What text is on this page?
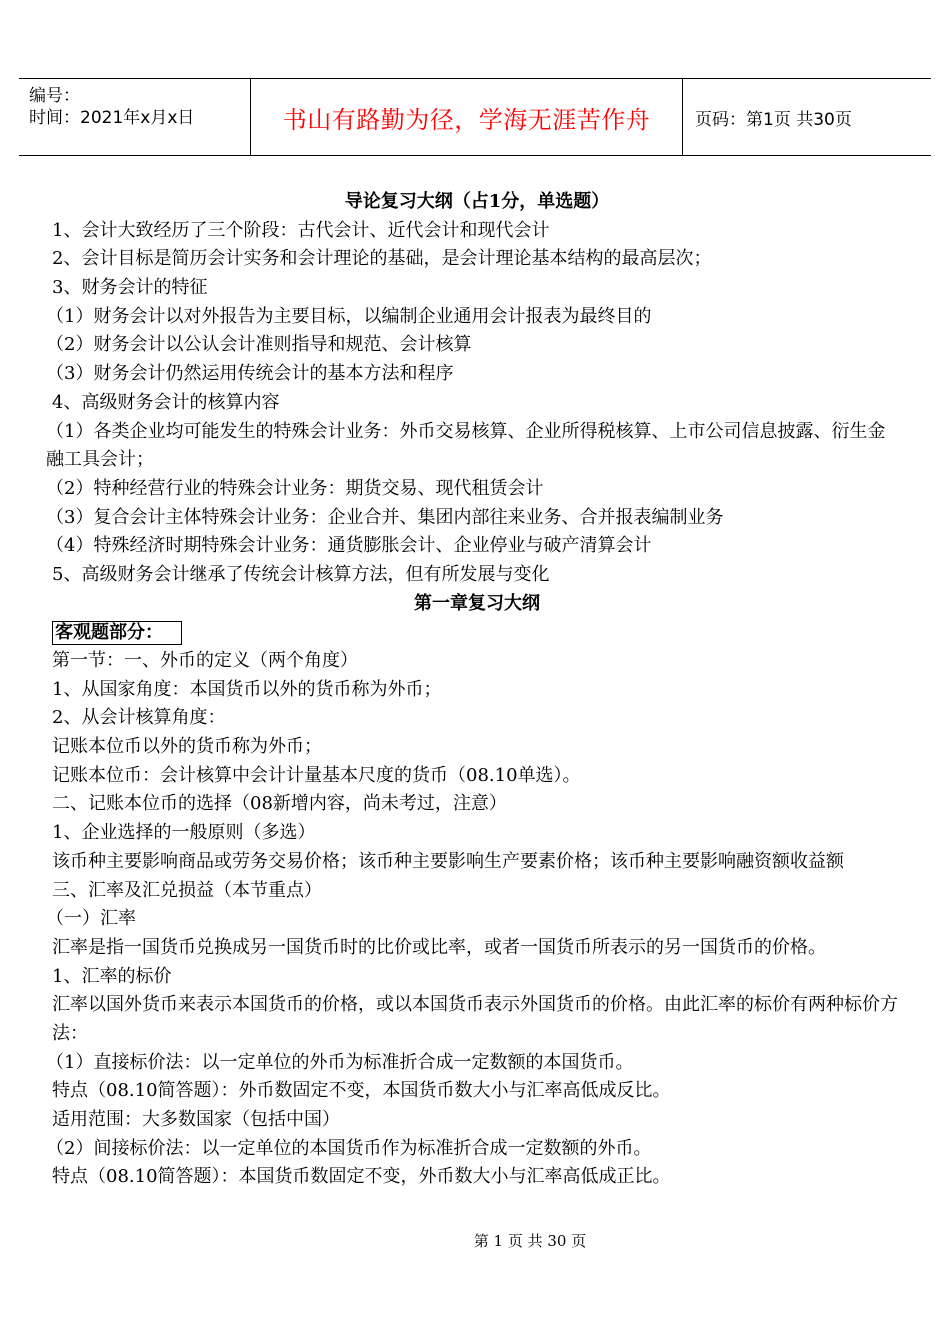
编号：
时间：2021年x月x日	书山有路勤为径，学海无涯苦作舟	页码：第1页 共30页
导论复习大纲（占1分，单选题）
1、会计大致经历了三个阶段：古代会计、近代会计和现代会计
2、会计目标是简历会计实务和会计理论的基础，是会计理论基本结构的最高层次；
3、财务会计的特征
（1）财务会计以对外报告为主要目标，以编制企业通用会计报表为最终目的
（2）财务会计以公认会计准则指导和规范、会计核算
（3）财务会计仍然运用传统会计的基本方法和程序
4、高级财务会计的核算内容
（1）各类企业均可能发生的特殊会计业务：外币交易核算、企业所得税核算、上市公司信息披露、衍生金融工具会计；
（2）特种经营行业的特殊会计业务：期货交易、现代租赁会计
（3）复合会计主体特殊会计业务：企业合并、集团内部往来业务、合并报表编制业务
（4）特殊经济时期特殊会计业务：通货膨胀会计、企业停业与破产清算会计
5、高级财务会计继承了传统会计核算方法，但有所发展与变化
第一章复习大纲
客观题部分：
第一节：一、外币的定义（两个角度）
1、从国家角度：本国货币以外的货币称为外币；
2、从会计核算角度：
记账本位币以外的货币称为外币；
记账本位币：会计核算中会计计量基本尺度的货币（08.10单选）。
二、记账本位币的选择（08新增内容，尚未考过，注意）
1、企业选择的一般原则（多选）
该币种主要影响商品或劳务交易价格；该币种主要影响生产要素价格；该币种主要影响融资额收益额
三、汇率及汇兑损益（本节重点）
（一）汇率
汇率是指一国货币兑换成另一国货币时的比价或比率，或者一国货币所表示的另一国货币的价格。
1、汇率的标价
汇率以国外货币来表示本国货币的价格，或以本国货币表示外国货币的价格。由此汇率的标价有两种标价方法：
（1）直接标价法：以一定单位的外币为标准折合成一定数额的本国货币。
特点（08.10简答题）：外币数固定不变，本国货币数大小与汇率高低成反比。
适用范围：大多数国家（包括中国）
（2）间接标价法：以一定单位的本国货币作为标准折合成一定数额的外币。
特点（08.10简答题）：本国货币数固定不变，外币数大小与汇率高低成正比。
第 1 页 共 30 页
